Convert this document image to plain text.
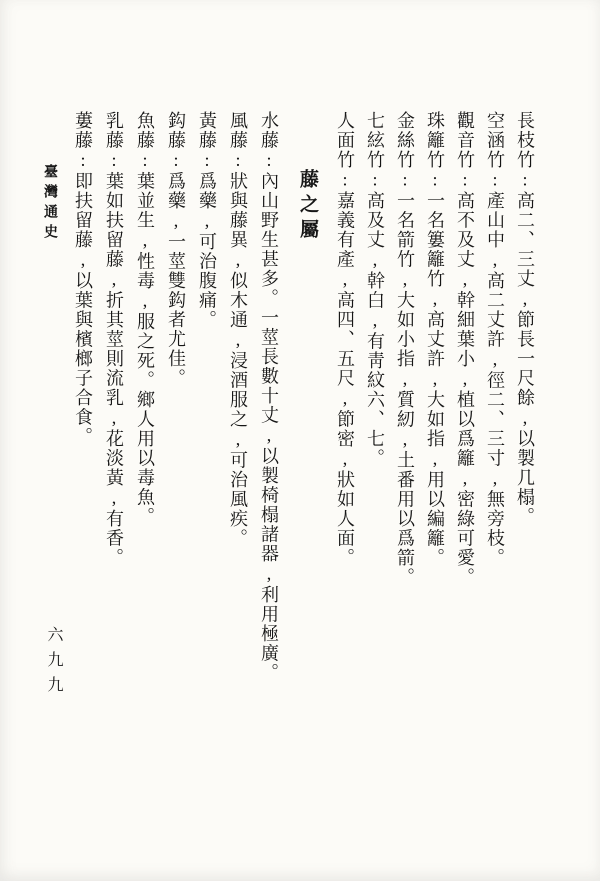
長枝竹:高二、三丈,節長一尺餘,以製几榻。

空涵竹:產山中,高二丈許,徑二、三寸,無旁枝。

觀音竹:高不及丈,幹細葉小,植以爲籬,密綠可愛。

珠籬竹:一名簍籬竹,高丈許,大如指,用以編籬。

金絲竹:一名箭竹,大如小指,質紉,土番用以爲箭。

七絃竹:高及丈,幹白,有靑紋六、七。

人面竹:嘉義有產,高四、五尺,節密,狀如人面。

藤之屬

水藤:內山野生甚多。一莖長數十丈,以製椅榻諸器,利用極廣。

風藤:狀與藤異,似木通,浸酒服之,可治風疾。

黃藤:爲藥,可治腹痛。

鈎藤:爲藥,一莖雙鈎者尤佳。

魚藤:葉並生,性毒,服之死。鄉人用以毒魚。

乳藤:葉如扶留藤,折其莖則流乳,花淡黃,有香。

蔞藤:即扶留藤,以葉與檳榔子合食。

臺灣通史
六九九
